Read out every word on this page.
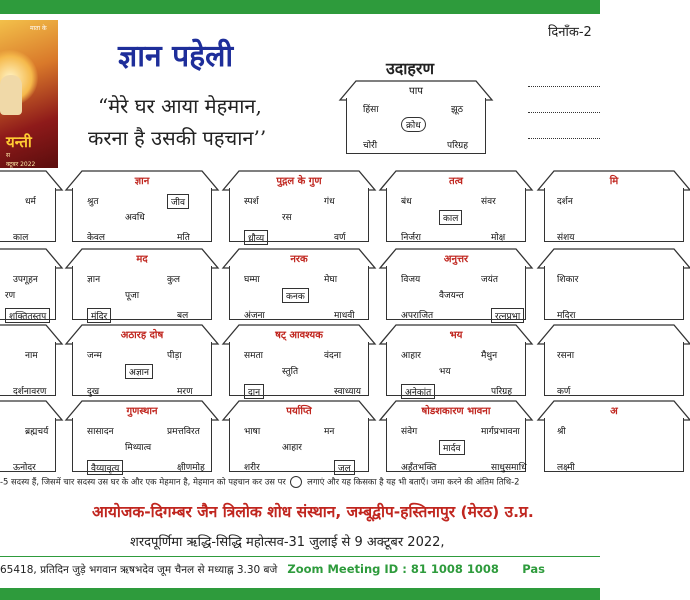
माता के
यन्ती
स
क्टूबर 2022
ज्ञान पहेली
“मेरे घर आया मेहमान,
करना है उसकी पहचान’’
दिनाँक-2
उदाहरण
पाप
हिंसा	झूठ
क्रोध
चोरी	परिग्रह
धर्म
काल
ज्ञान
श्रुत	जीव
अवधि
केवल	मति
पुद्गल के गुण
स्पर्श	गंध
रस
ध्रौव्य	वर्ण
तत्व
बंध	संवर
काल
निर्जरा	मोक्ष
मि
दर्शन
संशय
उपगूहन
रण
शक्तितस्तप
मद
ज्ञान	कुल
पूजा
मंदिर	बल
नरक
घम्मा	मेघा
कनक
अंजना	माधवी
अनुत्तर
विजय	जयंत
वैजयन्त
अपराजित	रत्नप्रभा
शिकार
मदिरा
नाम
दर्शनावरण
अठारह दोष
जन्म	पीड़ा
अज्ञान
दुख	मरण
षट् आवश्यक
समता	वंदना
स्तुति
दान	स्वाध्याय
भय
आहार	मैथुन
भय
अनेकांत	परिग्रह
रसना
कर्ण
ब्रह्मचर्य
ऊनोदर
गुणस्थान
सासादन	प्रमत्तविरत
मिथ्यात्व
वैय्यावृत्य	क्षीणमोह
पर्याप्ति
भाषा	मन
आहार
शरीर	जल
षोडशकारण भावना
संवेग	मार्गप्रभावना
मार्दव
अर्हंतभक्ति	साधुसमाधि
अ
श्री
लक्ष्मी
-5 सदस्य हैं, जिसमें चार सदस्य उस घर के और एक मेहमान है, मेहमान को पहचान कर उस पर	लगाएं और यह किसका है यह भी बताएँ। जमा करने की अंतिम तिथि-2
आयोजक-दिगम्बर जैन त्रिलोक शोध संस्थान, जम्बूद्वीप-हस्तिनापुर (मेरठ) उ.प्र.
शरदपूर्णिमा ऋद्धि-सिद्धि महोत्सव-31 जुलाई से 9 अक्टूबर 2022,
65418, प्रतिदिन जुड़े भगवान ऋषभदेव जूम चैनल से मध्याह्न 3.30 बजे Zoom Meeting ID : 81 1008 1008 Pas
